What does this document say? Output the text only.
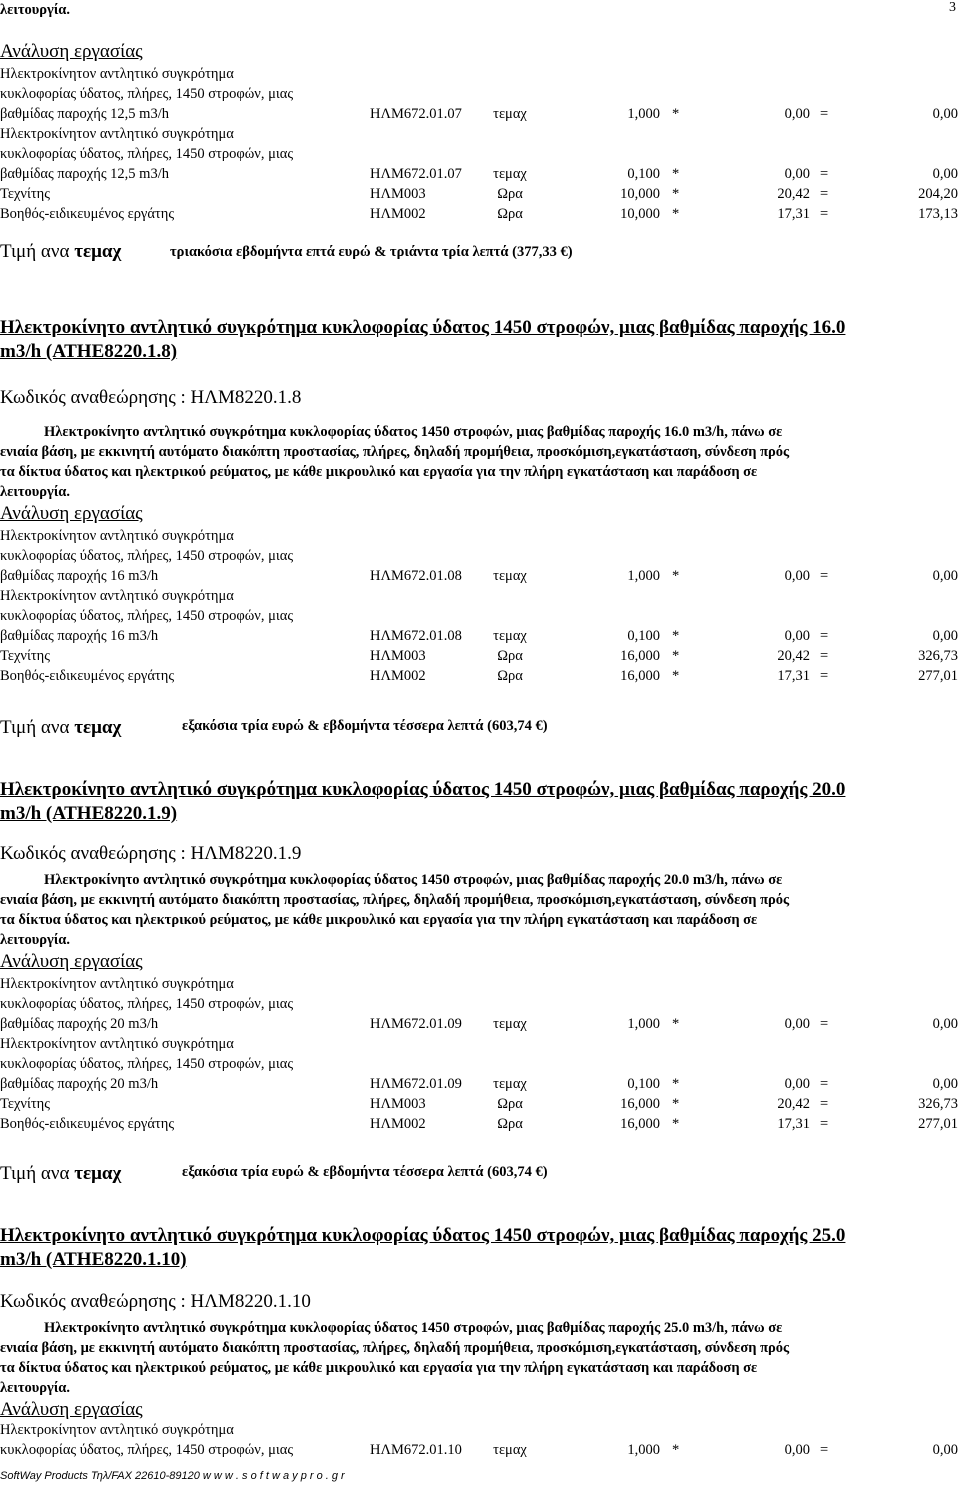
3
λειτουργία.
Ανάλυση εργασίας
Ηλεκτροκίνητον αντλητικό συγκρότημα
κυκλοφορίας ύδατος, πλήρες, 1450 στροφών, μιας
βαθμίδας παροχής 12,5 m3/h	ΗΛΜ672.01.07	τεμαχ	1,000 *	0,00 =	0,00
Ηλεκτροκίνητον αντλητικό συγκρότημα
κυκλοφορίας ύδατος, πλήρες, 1450 στροφών, μιας
βαθμίδας παροχής 12,5 m3/h	ΗΛΜ672.01.07	τεμαχ	0,100 *	0,00 =	0,00
Τεχνίτης	ΗΛΜ003	Ωρα	10,000 *	20,42 =	204,20
Βοηθός-ειδικευμένος εργάτης	ΗΛΜ002	Ωρα	10,000 *	17,31 =	173,13
Τιμή ανα τεμαχ	τριακόσια εβδομήντα επτά ευρώ & τριάντα τρία λεπτά (377,33 €)
Ηλεκτροκίνητο αντλητικό συγκρότημα κυκλοφορίας ύδατος 1450 στροφών, μιας βαθμίδας παροχής 16.0
m3/h (ΑΤΗΕ8220.1.8)
Κωδικός αναθεώρησης : ΗΛΜ8220.1.8
Ηλεκτροκίνητο αντλητικό συγκρότημα κυκλοφορίας ύδατος 1450 στροφών, μιας βαθμίδας παροχής 16.0 m3/h, πάνω σε
ενιαία βάση, με εκκινητή αυτόματο διακόπτη προστασίας, πλήρες, δηλαδή προμήθεια, προσκόμιση,εγκατάσταση, σύνδεση πρός
τα δίκτυα ύδατος και ηλεκτρικού ρεύματος, με κάθε μικρουλικό και εργασία για την πλήρη εγκατάσταση και παράδοση σε
λειτουργία.
Ανάλυση εργασίας
Ηλεκτροκίνητον αντλητικό συγκρότημα
κυκλοφορίας ύδατος, πλήρες, 1450 στροφών, μιας
βαθμίδας παροχής 16 m3/h	ΗΛΜ672.01.08	τεμαχ	1,000 *	0,00 =	0,00
Ηλεκτροκίνητον αντλητικό συγκρότημα
κυκλοφορίας ύδατος, πλήρες, 1450 στροφών, μιας
βαθμίδας παροχής 16 m3/h	ΗΛΜ672.01.08	τεμαχ	0,100 *	0,00 =	0,00
Τεχνίτης	ΗΛΜ003	Ωρα	16,000 *	20,42 =	326,73
Βοηθός-ειδικευμένος εργάτης	ΗΛΜ002	Ωρα	16,000 *	17,31 =	277,01
Τιμή ανα τεμαχ	εξακόσια τρία ευρώ & εβδομήντα τέσσερα λεπτά (603,74 €)
Ηλεκτροκίνητο αντλητικό συγκρότημα κυκλοφορίας ύδατος 1450 στροφών, μιας βαθμίδας παροχής 20.0
m3/h (ΑΤΗΕ8220.1.9)
Κωδικός αναθεώρησης : ΗΛΜ8220.1.9
Ηλεκτροκίνητο αντλητικό συγκρότημα κυκλοφορίας ύδατος 1450 στροφών, μιας βαθμίδας παροχής 20.0 m3/h, πάνω σε
ενιαία βάση, με εκκινητή αυτόματο διακόπτη προστασίας, πλήρες, δηλαδή προμήθεια, προσκόμιση,εγκατάσταση, σύνδεση πρός
τα δίκτυα ύδατος και ηλεκτρικού ρεύματος, με κάθε μικρουλικό και εργασία για την πλήρη εγκατάσταση και παράδοση σε
λειτουργία.
Ανάλυση εργασίας
Ηλεκτροκίνητον αντλητικό συγκρότημα
κυκλοφορίας ύδατος, πλήρες, 1450 στροφών, μιας
βαθμίδας παροχής 20 m3/h	ΗΛΜ672.01.09	τεμαχ	1,000 *	0,00 =	0,00
Ηλεκτροκίνητον αντλητικό συγκρότημα
κυκλοφορίας ύδατος, πλήρες, 1450 στροφών, μιας
βαθμίδας παροχής 20 m3/h	ΗΛΜ672.01.09	τεμαχ	0,100 *	0,00 =	0,00
Τεχνίτης	ΗΛΜ003	Ωρα	16,000 *	20,42 =	326,73
Βοηθός-ειδικευμένος εργάτης	ΗΛΜ002	Ωρα	16,000 *	17,31 =	277,01
Τιμή ανα τεμαχ	εξακόσια τρία ευρώ & εβδομήντα τέσσερα λεπτά (603,74 €)
Ηλεκτροκίνητο αντλητικό συγκρότημα κυκλοφορίας ύδατος 1450 στροφών, μιας βαθμίδας παροχής 25.0
m3/h (ΑΤΗΕ8220.1.10)
Κωδικός αναθεώρησης : ΗΛΜ8220.1.10
Ηλεκτροκίνητο αντλητικό συγκρότημα κυκλοφορίας ύδατος 1450 στροφών, μιας βαθμίδας παροχής 25.0 m3/h, πάνω σε
ενιαία βάση, με εκκινητή αυτόματο διακόπτη προστασίας, πλήρες, δηλαδή προμήθεια, προσκόμιση,εγκατάσταση, σύνδεση πρός
τα δίκτυα ύδατος και ηλεκτρικού ρεύματος, με κάθε μικρουλικό και εργασία για την πλήρη εγκατάσταση και παράδοση σε
λειτουργία.
Ανάλυση εργασίας
Ηλεκτροκίνητον αντλητικό συγκρότημα
κυκλοφορίας ύδατος, πλήρες, 1450 στροφών, μιας	ΗΛΜ672.01.10	τεμαχ	1,000 *	0,00 =	0,00
SoftWay Products Τηλ/FAX 22610-89120 w w w . s o f t w a y p r o . g r
